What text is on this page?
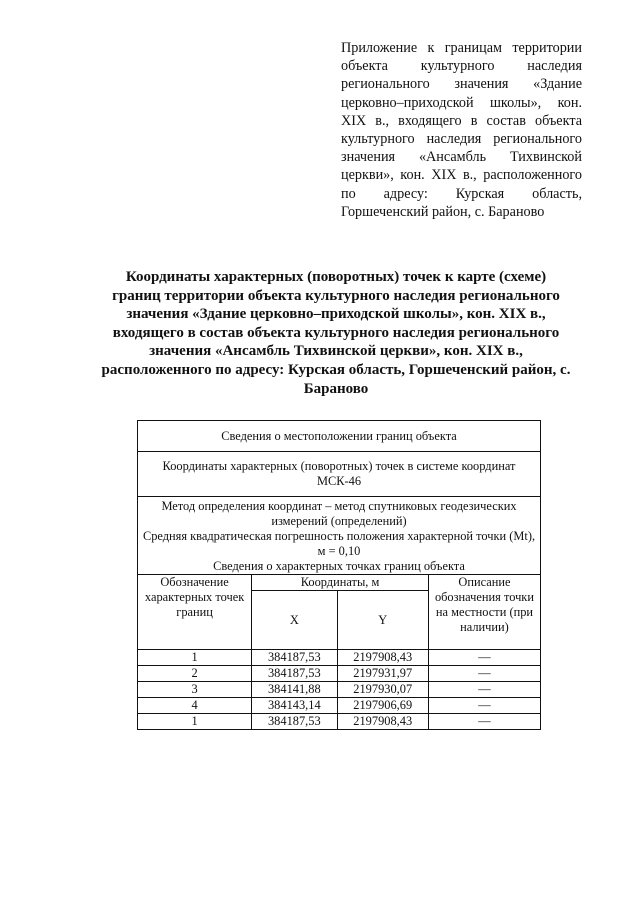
Приложение к границам территории объекта культурного наследия регионального значения «Здание церковно–приходской школы», кон. XIX в., входящего в состав объекта культурного наследия регионального значения «Ансамбль Тихвинской церкви», кон. XIX в., расположенного по адресу: Курская область, Горшеченский район, с. Бараново
Координаты характерных (поворотных) точек к карте (схеме) границ территории объекта культурного наследия регионального значения «Здание церковно–приходской школы», кон. XIX в., входящего в состав объекта культурного наследия регионального значения «Ансамбль Тихвинской церкви», кон. XIX в., расположенного по адресу: Курская область, Горшеченский район, с. Бараново
Сведения о местоположении границ объекта			
Координаты характерных (поворотных) точек в системе координат МСК-46			

Метод определения координат – метод спутниковых геодезических измерений (определений)
Средняя квадратическая погрешность положения характерной точки (Mt), м = 0,10
Сведения о характерных точках границ объекта			

Обозначение характерных точек границ	Координаты, м		Описание обозначения точки на местности (при наличии)
	X	Y	
1	384187,53	2197908,43	—
2	384187,53	2197931,97	—
3	384141,88	2197930,07	—
4	384143,14	2197906,69	—
1	384187,53	2197908,43	—
